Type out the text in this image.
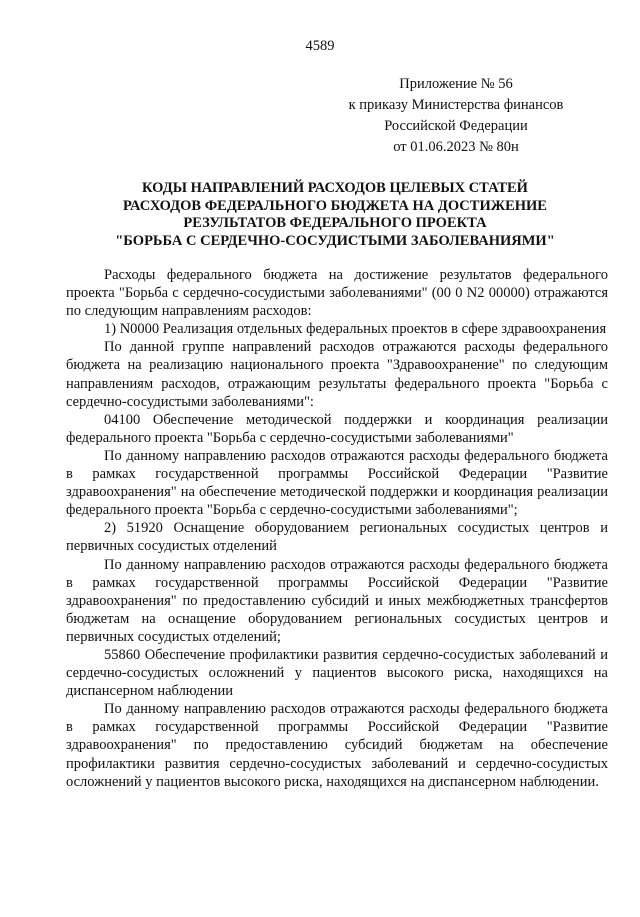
4589
Приложение № 56
к приказу Министерства финансов
Российской Федерации
от 01.06.2023 № 80н
КОДЫ НАПРАВЛЕНИЙ РАСХОДОВ ЦЕЛЕВЫХ СТАТЕЙ
РАСХОДОВ ФЕДЕРАЛЬНОГО БЮДЖЕТА НА ДОСТИЖЕНИЕ
РЕЗУЛЬТАТОВ ФЕДЕРАЛЬНОГО ПРОЕКТА
"БОРЬБА С СЕРДЕЧНО-СОСУДИСТЫМИ ЗАБОЛЕВАНИЯМИ"

Расходы федерального бюджета на достижение результатов федерального проекта "Борьба с сердечно-сосудистыми заболеваниями" (00 0 N2 00000) отражаются по следующим направлениям расходов:

1) N0000 Реализация отдельных федеральных проектов в сфере здравоохранения

По данной группе направлений расходов отражаются расходы федерального бюджета на реализацию национального проекта "Здравоохранение" по следующим направлениям расходов, отражающим результаты федерального проекта "Борьба с сердечно-сосудистыми заболеваниями":

04100 Обеспечение методической поддержки и координация реализации федерального проекта "Борьба с сердечно-сосудистыми заболеваниями"

По данному направлению расходов отражаются расходы федерального бюджета в рамках государственной программы Российской Федерации "Развитие здравоохранения" на обеспечение методической поддержки и координация реализации федерального проекта "Борьба с сердечно-сосудистыми заболеваниями";

2) 51920 Оснащение оборудованием региональных сосудистых центров и первичных сосудистых отделений

По данному направлению расходов отражаются расходы федерального бюджета в рамках государственной программы Российской Федерации "Развитие здравоохранения" по предоставлению субсидий и иных межбюджетных трансфертов бюджетам на оснащение оборудованием региональных сосудистых центров и первичных сосудистых отделений;

55860 Обеспечение профилактики развития сердечно-сосудистых заболеваний и сердечно-сосудистых осложнений у пациентов высокого риска, находящихся на диспансерном наблюдении

По данному направлению расходов отражаются расходы федерального бюджета в рамках государственной программы Российской Федерации "Развитие здравоохранения" по предоставлению субсидий бюджетам на обеспечение профилактики развития сердечно-сосудистых заболеваний и сердечно-сосудистых осложнений у пациентов высокого риска, находящихся на диспансерном наблюдении.
